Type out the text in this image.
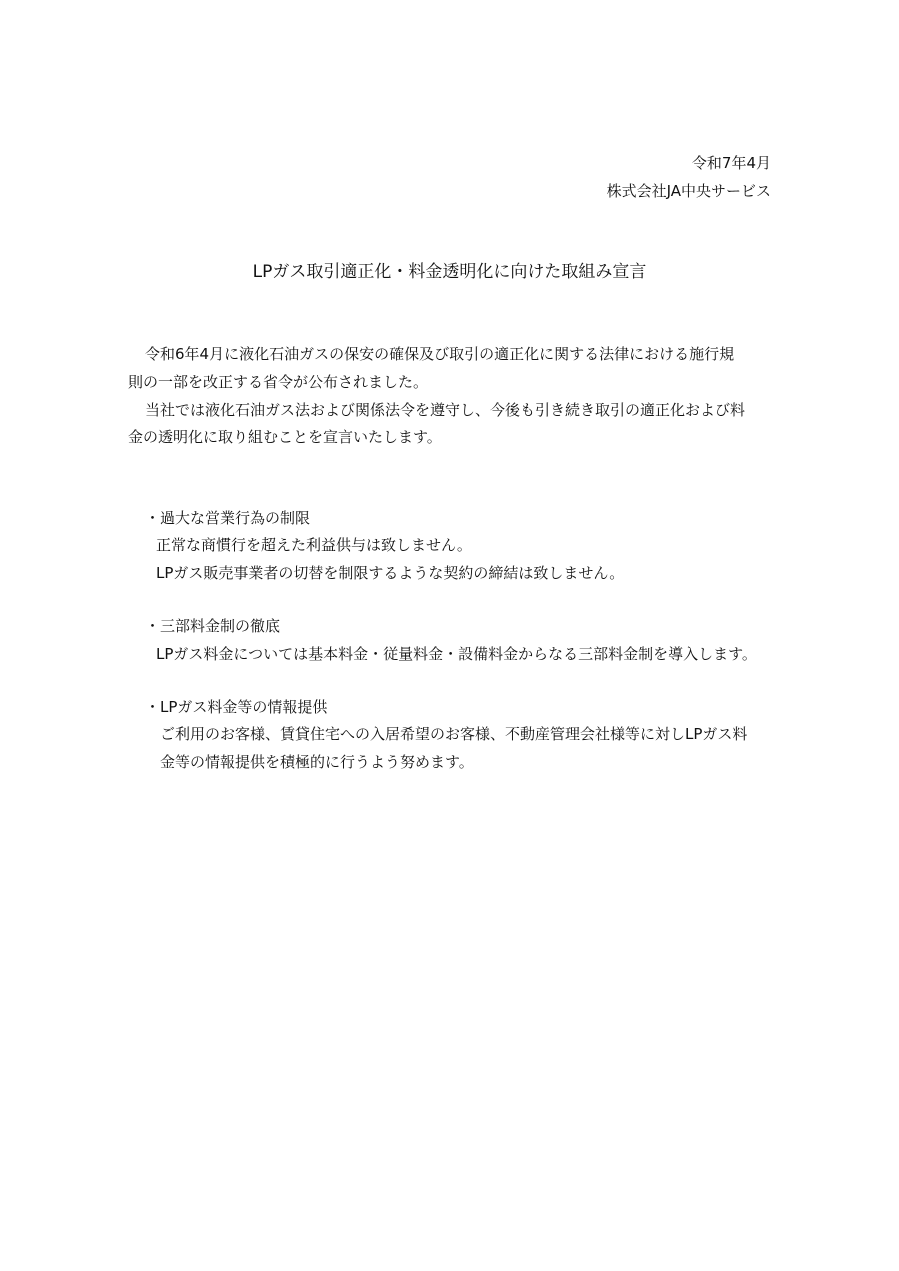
令和7年4月
株式会社JA中央サービス
LPガス取引適正化・料金透明化に向けた取組み宣言
令和6年4月に液化石油ガスの保安の確保及び取引の適正化に関する法律における施行規
則の一部を改正する省令が公布されました。
当社では液化石油ガス法および関係法令を遵守し、今後も引き続き取引の適正化および料
金の透明化に取り組むことを宣言いたします。
・過大な営業行為の制限
正常な商慣行を超えた利益供与は致しません。
LPガス販売事業者の切替を制限するような契約の締結は致しません。
・三部料金制の徹底
LPガス料金については基本料金・従量料金・設備料金からなる三部料金制を導入します。
・LPガス料金等の情報提供
ご利用のお客様、賃貸住宅への入居希望のお客様、不動産管理会社様等に対しLPガス料
金等の情報提供を積極的に行うよう努めます。
